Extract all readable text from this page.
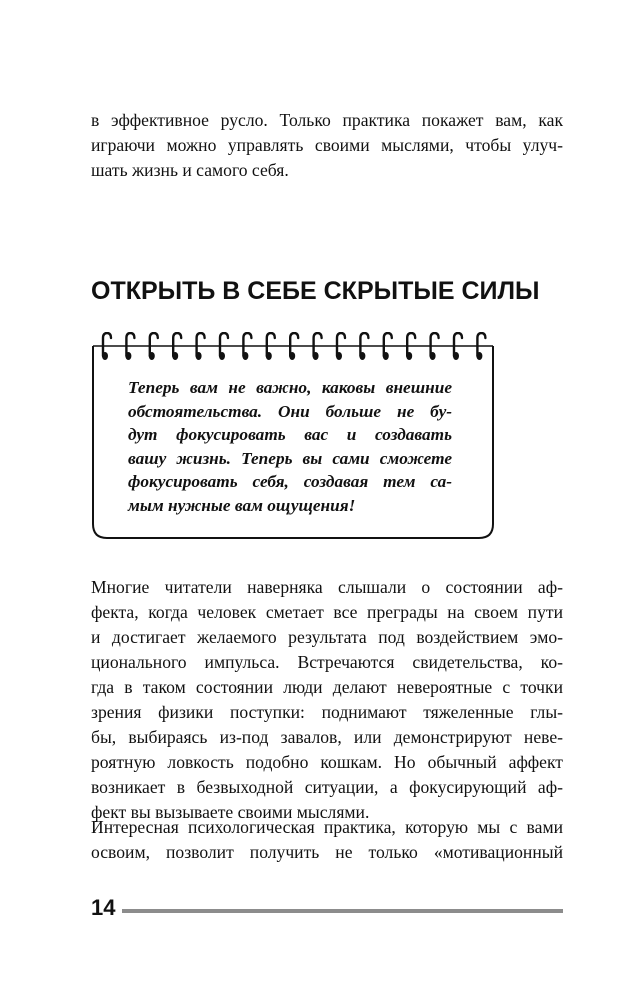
в эффективное русло. Только практика покажет вам, как
играючи можно управлять своими мыслями, чтобы улуч-
шать жизнь и самого себя.

ОТКРЫТЬ В СЕБЕ СКРЫТЫЕ СИЛЫ

Теперь вам не важно, каковы внешние
обстоятельства. Они больше не бу-
дут фокусировать вас и создавать
вашу жизнь. Теперь вы сами сможете
фокусировать себя, создавая тем са-
мым нужные вам ощущения!

Многие читатели наверняка слышали о состоянии аф-
фекта, когда человек сметает все преграды на своем пути
и достигает желаемого результата под воздействием эмо-
ционального импульса. Встречаются свидетельства, ко-
гда в таком состоянии люди делают невероятные с точки
зрения физики поступки: поднимают тяжеленные глы-
бы, выбираясь из-под завалов, или демонстрируют неве-
роятную ловкость подобно кошкам. Но обычный аффект
возникает в безвыходной ситуации, а фокусирующий аф-
фект вы вызываете своими мыслями.

Интересная психологическая практика, которую мы с вами
освоим, позволит получить не только «мотивационный

14
